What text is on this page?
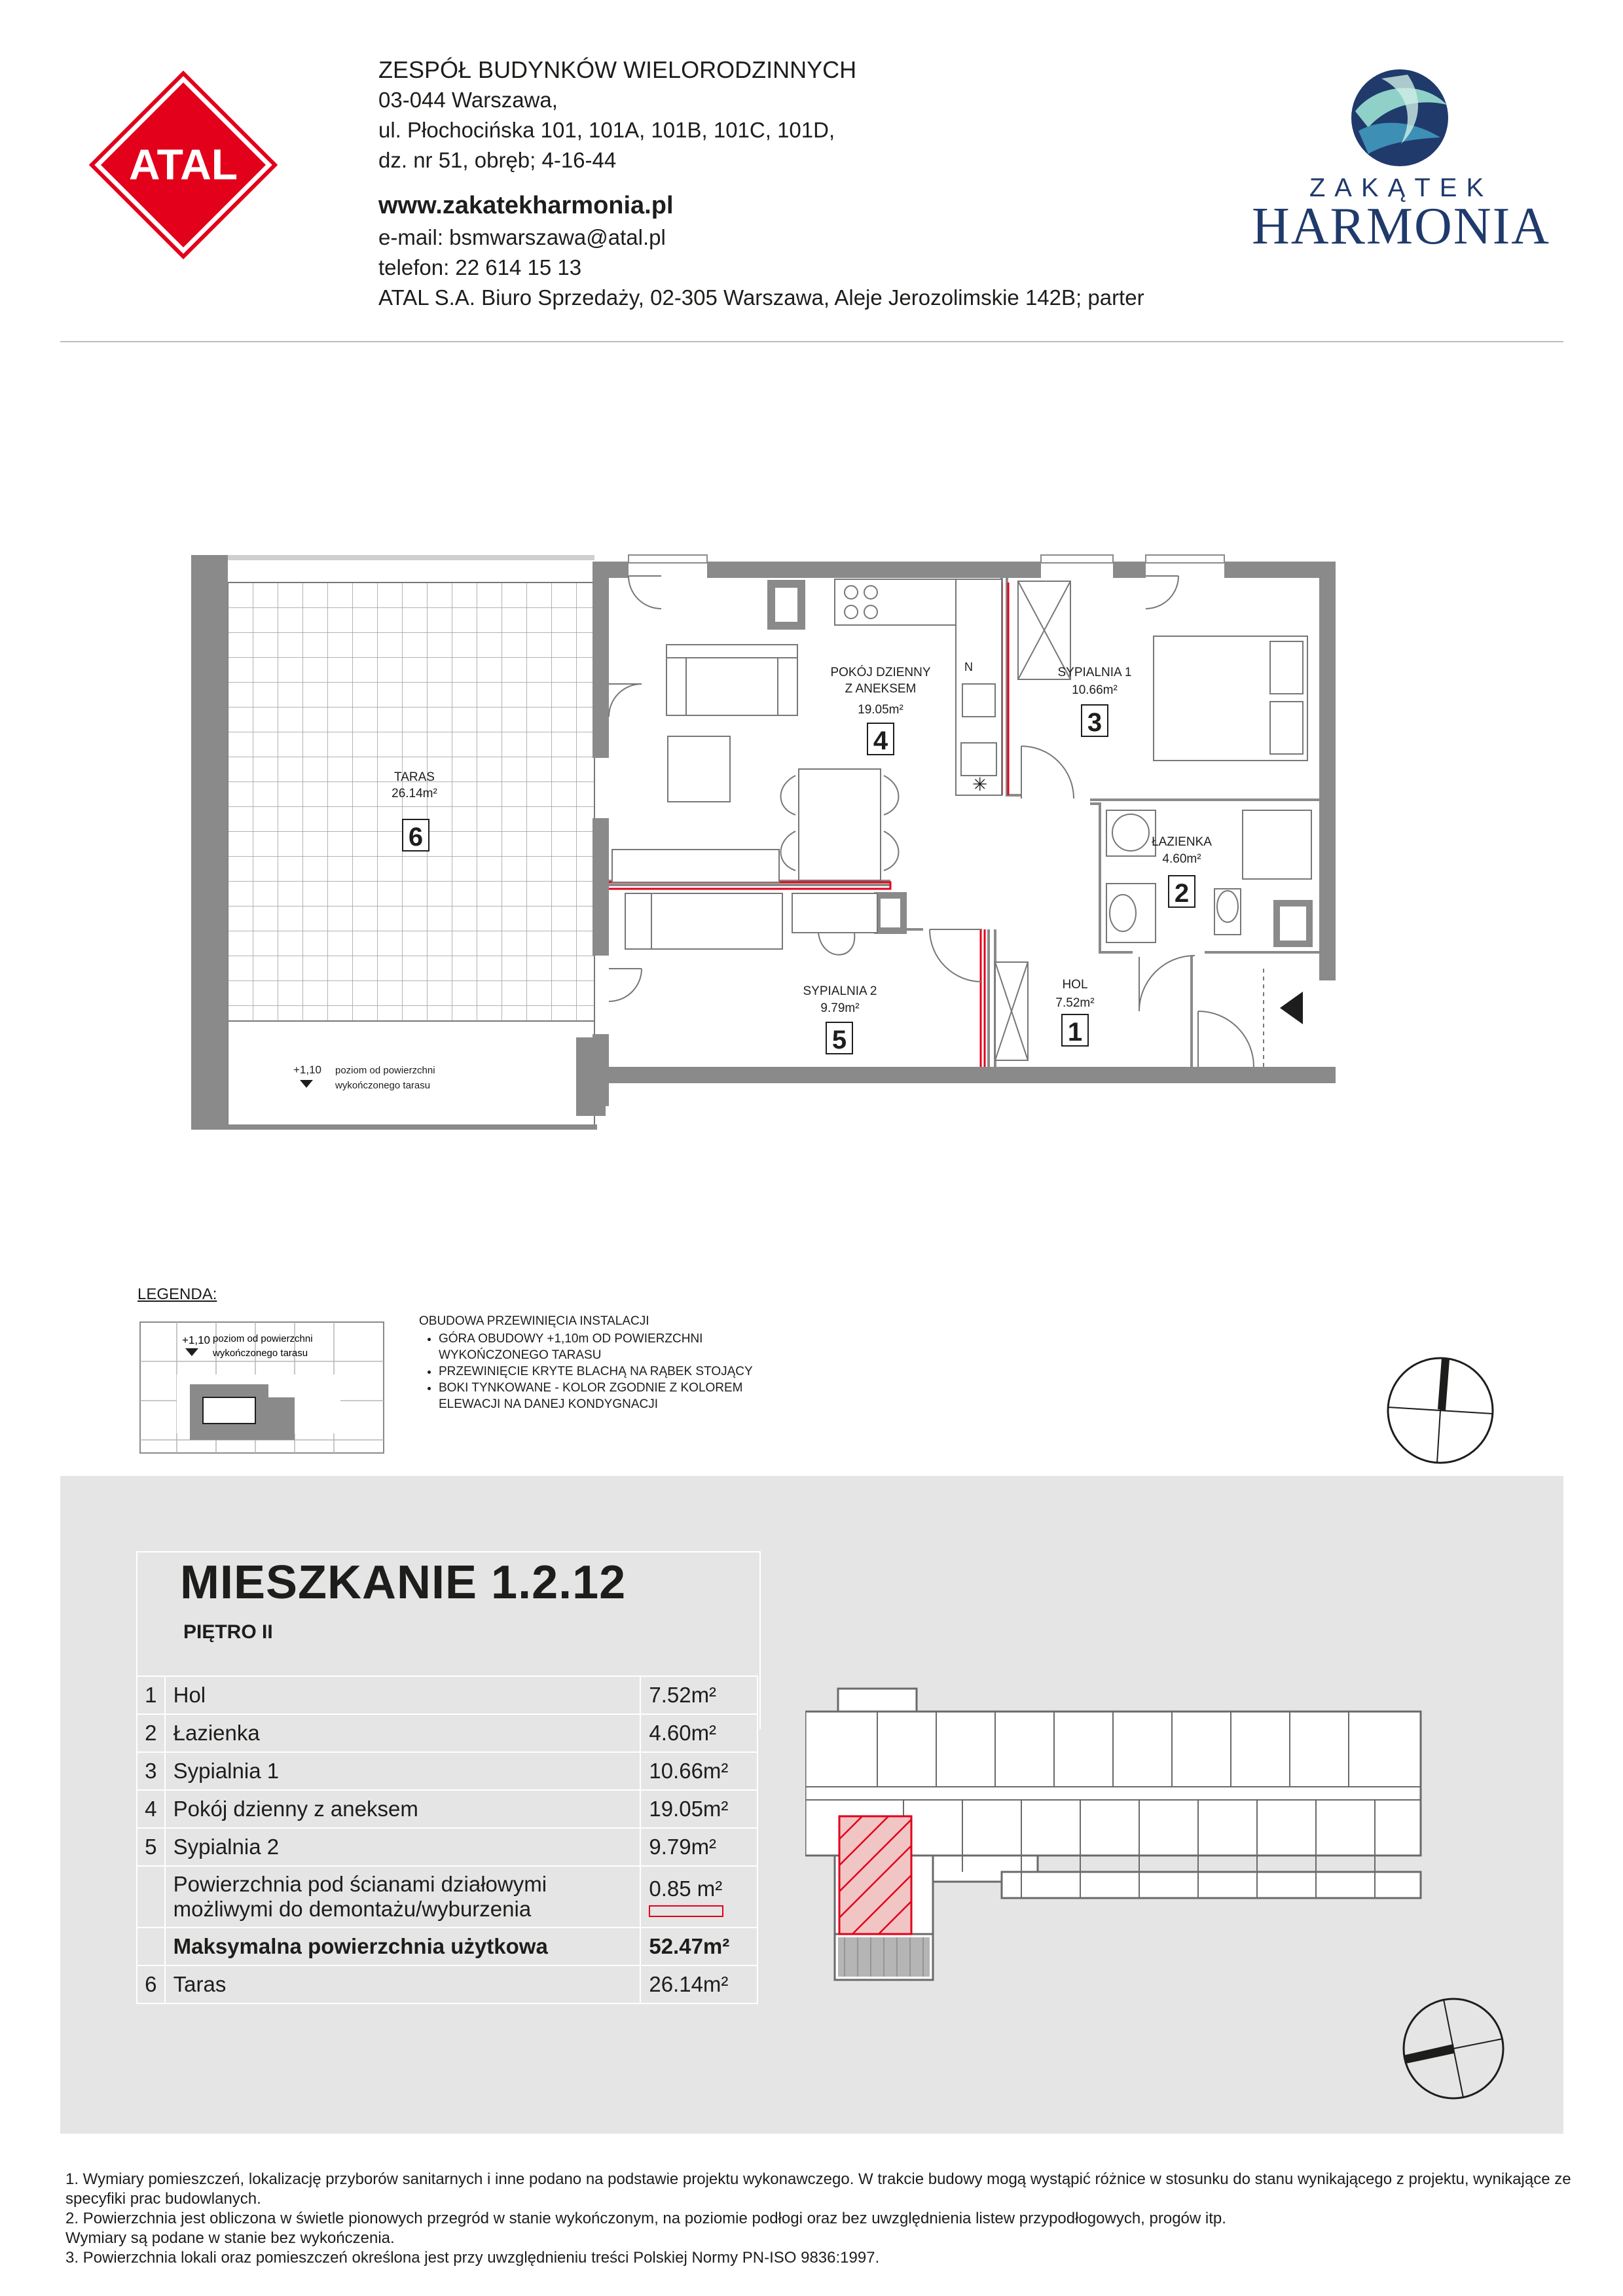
ATAL
ZESPÓŁ BUDYNKÓW WIELORODZINNYCH
03-044 Warszawa,
ul. Płochocińska 101, 101A, 101B, 101C, 101D,
dz. nr 51, obręb; 4-16-44
www.zakatekharmonia.pl
e-mail: bsmwarszawa@atal.pl
telefon: 22 614 15 13
ATAL S.A. Biuro Sprzedaży, 02-305 Warszawa, Aleje Jerozolimskie 142B; parter
ZAKĄTEK
HARMONIA
N
✳
TARAS
26.14m²
6
POKÓJ DZIENNY
Z ANEKSEM
19.05m²
4
SYPIALNIA 1
10.66m²
3
ŁAZIENKA
4.60m²
2
SYPIALNIA 2
9.79m²
5
HOL
7.52m²
1
+1,10 poziom od powierzchni
wykończonego tarasu
LEGENDA:
+1,10 poziom od powierzchni
wykończonego tarasu
OBUDOWA PRZEWINIĘCIA INSTALACJI
• GÓRA OBUDOWY +1,10m OD POWIERZCHNI WYKOŃCZONEGO TARASU
• PRZEWINIĘCIE KRYTE BLACHĄ NA RĄBEK STOJĄCY
• BOKI TYNKOWANE - KOLOR ZGODNIE Z KOLOREM ELEWACJI NA DANEJ KONDYGNACJI
MIESZKANIE 1.2.12
PIĘTRO II
1	Hol	7.52m²
2	Łazienka	4.60m²
3	Sypialnia 1	10.66m²
4	Pokój dzienny z aneksem	19.05m²
5	Sypialnia 2	9.79m²

	Powierzchnia pod ścianami działowymi
możliwymi do demontażu/wyburzenia	0.85 m²

	Maksymalna powierzchnia użytkowa	52.47m²
6	Taras	26.14m²

1. Wymiary pomieszczeń, lokalizację przyborów sanitarnych i inne podano na podstawie projektu wykonawczego. W trakcie budowy mogą wystąpić różnice w stosunku do stanu wynikającego z projektu, wynikające ze specyfiki prac budowlanych.

2. Powierzchnia jest obliczona w świetle pionowych przegród w stanie wykończonym, na poziomie podłogi oraz bez uwzględnienia listew przypodłogowych, progów itp.

Wymiary są podane w stanie bez wykończenia.

3. Powierzchnia lokali oraz pomieszczeń określona jest przy uwzględnieniu treści Polskiej Normy PN-ISO 9836:1997.
